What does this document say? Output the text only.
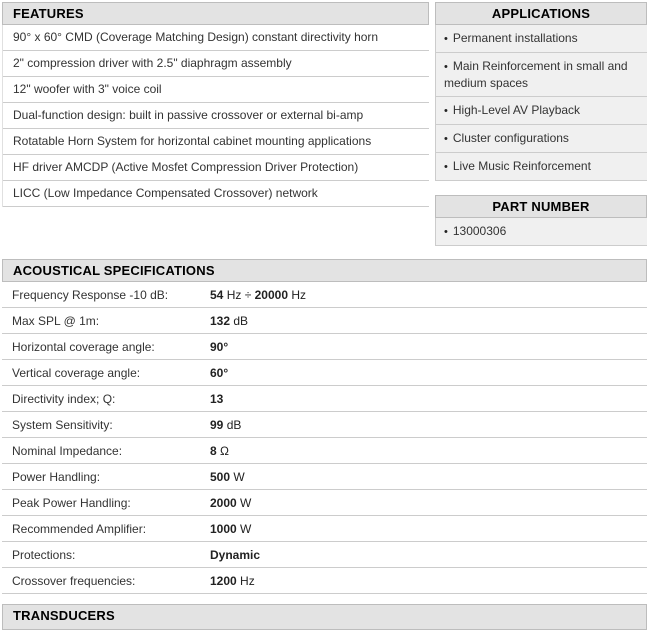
FEATURES
90° x 60° CMD (Coverage Matching Design) constant directivity horn
2" compression driver with 2.5" diaphragm assembly
12" woofer with 3" voice coil
Dual-function design: built in passive crossover or external bi-amp
Rotatable Horn System for horizontal cabinet mounting applications
HF driver AMCDP (Active Mosfet Compression Driver Protection)
LICC (Low Impedance Compensated Crossover) network
APPLICATIONS
• Permanent installations
• Main Reinforcement in small and medium spaces
• High-Level AV Playback
• Cluster configurations
• Live Music Reinforcement
PART NUMBER
• 13000306
ACOUSTICAL SPECIFICATIONS
Frequency Response -10 dB:	54 Hz ÷ 20000 Hz
Max SPL @ 1m:	132 dB
Horizontal coverage angle:	90°
Vertical coverage angle:	60°
Directivity index; Q:	13
System Sensitivity:	99 dB
Nominal Impedance:	8 Ω
Power Handling:	500 W
Peak Power Handling:	2000 W
Recommended Amplifier:	1000 W
Protections:	Dynamic
Crossover frequencies:	1200 Hz
TRANSDUCERS
